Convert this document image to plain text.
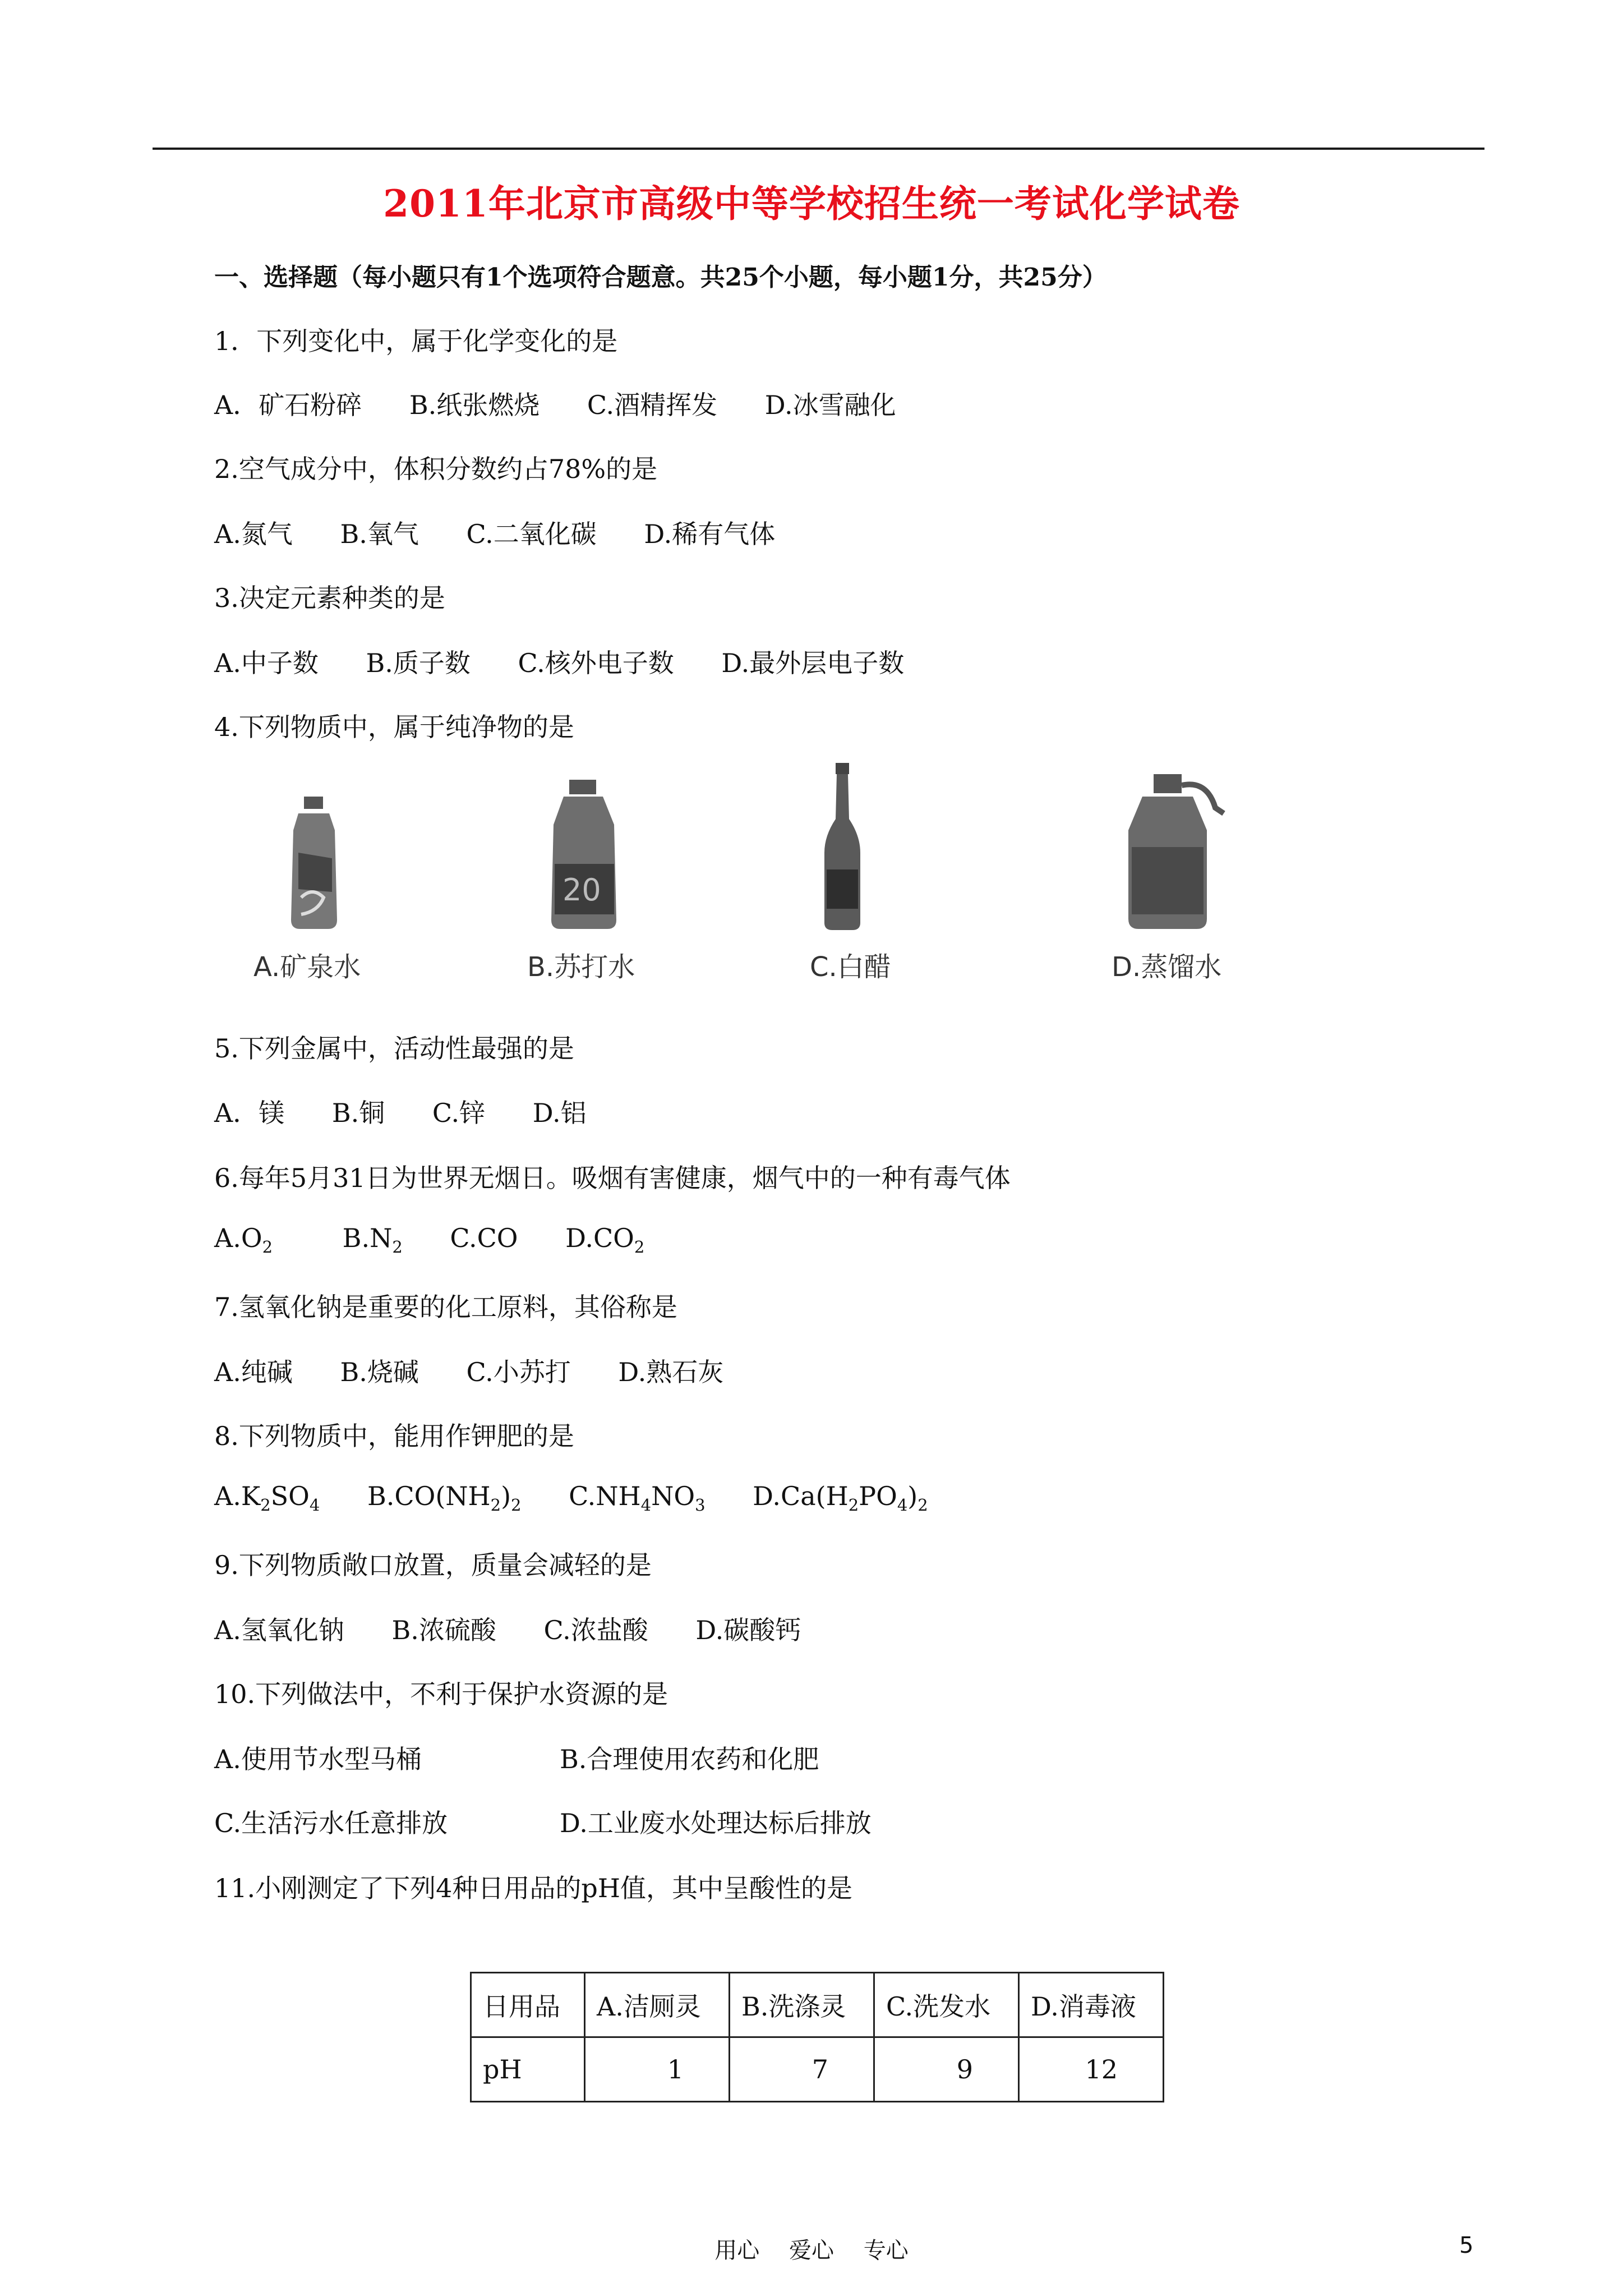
2011年北京市高级中等学校招生统一考试化学试卷
一、选择题（每小题只有1个选项符合题意。共25个小题，每小题1分，共25分）
1．下列变化中，属于化学变化的是
A．矿石粉碎 B.纸张燃烧 C.酒精挥发 D.冰雪融化
2.空气成分中，体积分数约占78%的是
A.氮气 B.氧气 C.二氧化碳 D.稀有气体
3.决定元素种类的是
A.中子数 B.质子数 C.核外电子数 D.最外层电子数
4.下列物质中，属于纯净物的是
A.矿泉水
20
B.苏打水	C.白醋	D.蒸馏水
5.下列金属中，活动性最强的是
A．镁 B.铜 C.锌 D.铝
6.每年5月31日为世界无烟日。吸烟有害健康，烟气中的一种有毒气体
A.O2	B.N2 C.CO D.CO2
7.氢氧化钠是重要的化工原料，其俗称是
A.纯碱 B.烧碱 C.小苏打 D.熟石灰
8.下列物质中，能用作钾肥的是
A.K2SO4 B.CO(NH2)2 C.NH4NO3 D.Ca(H2PO4)2
9.下列物质敞口放置，质量会减轻的是
A.氢氧化钠 B.浓硫酸 C.浓盐酸 D.碳酸钙
10.下列做法中，不利于保护水资源的是
A.使用节水型马桶	B.合理使用农药和化肥
C.生活污水任意排放	D.工业废水处理达标后排放
11.小刚测定了下列4种日用品的pH值，其中呈酸性的是
日用品	A.洁厕灵	B.洗涤灵	C.洗发水	D.消毒液
pH	1	7	9	12
用心 爱心 专心	5
